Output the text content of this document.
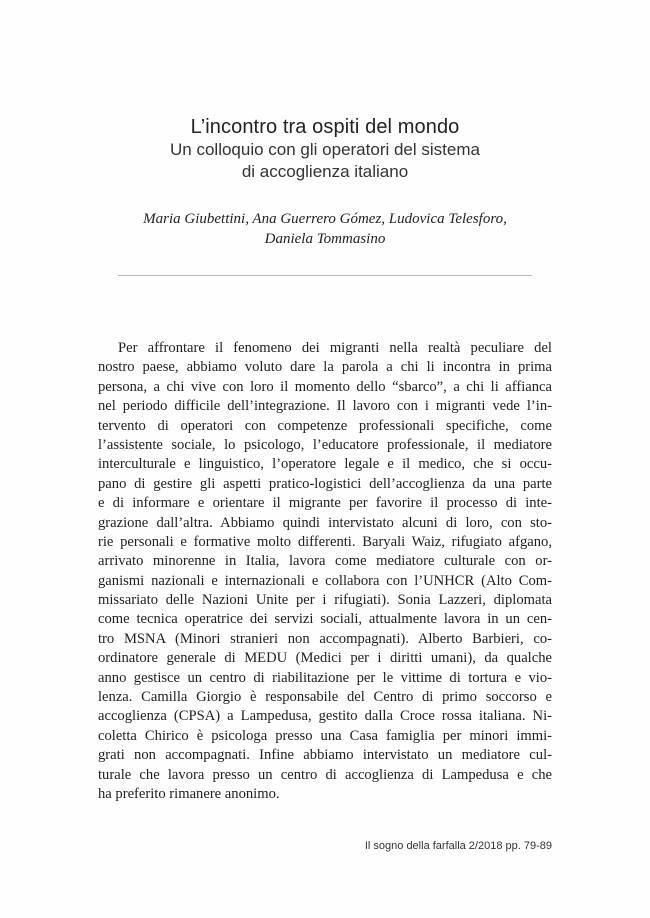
L’incontro tra ospiti del mondo
Un colloquio con gli operatori del sistema
di accoglienza italiano
Maria Giubettini, Ana Guerrero Gómez, Ludovica Telesforo,
Daniela Tommasino
Per affrontare il fenomeno dei migranti nella realtà peculiare del
nostro paese, abbiamo voluto dare la parola a chi li incontra in prima
persona, a chi vive con loro il momento dello “sbarco”, a chi li affianca
nel periodo difficile dell’integrazione. Il lavoro con i migranti vede l’in-
tervento di operatori con competenze professionali specifiche, come
l’assistente sociale, lo psicologo, l’educatore professionale, il mediatore
interculturale e linguistico, l’operatore legale e il medico, che si occu-
pano di gestire gli aspetti pratico-logistici dell’accoglienza da una parte
e di informare e orientare il migrante per favorire il processo di inte-
grazione dall’altra. Abbiamo quindi intervistato alcuni di loro, con sto-
rie personali e formative molto differenti. Baryali Waiz, rifugiato afgano,
arrivato minorenne in Italia, lavora come mediatore culturale con or-
ganismi nazionali e internazionali e collabora con l’UNHCR (Alto Com-
missariato delle Nazioni Unite per i rifugiati). Sonia Lazzeri, diplomata
come tecnica operatrice dei servizi sociali, attualmente lavora in un cen-
tro MSNA (Minori stranieri non accompagnati). Alberto Barbieri, co-
ordinatore generale di MEDU (Medici per i diritti umani), da qualche
anno gestisce un centro di riabilitazione per le vittime di tortura e vio-
lenza. Camilla Giorgio è responsabile del Centro di primo soccorso e
accoglienza (CPSA) a Lampedusa, gestito dalla Croce rossa italiana. Ni-
coletta Chirico è psicologa presso una Casa famiglia per minori immi-
grati non accompagnati. Infine abbiamo intervistato un mediatore cul-
turale che lavora presso un centro di accoglienza di Lampedusa e che
ha preferito rimanere anonimo.
Il sogno della farfalla 2/2018 pp. 79-89
